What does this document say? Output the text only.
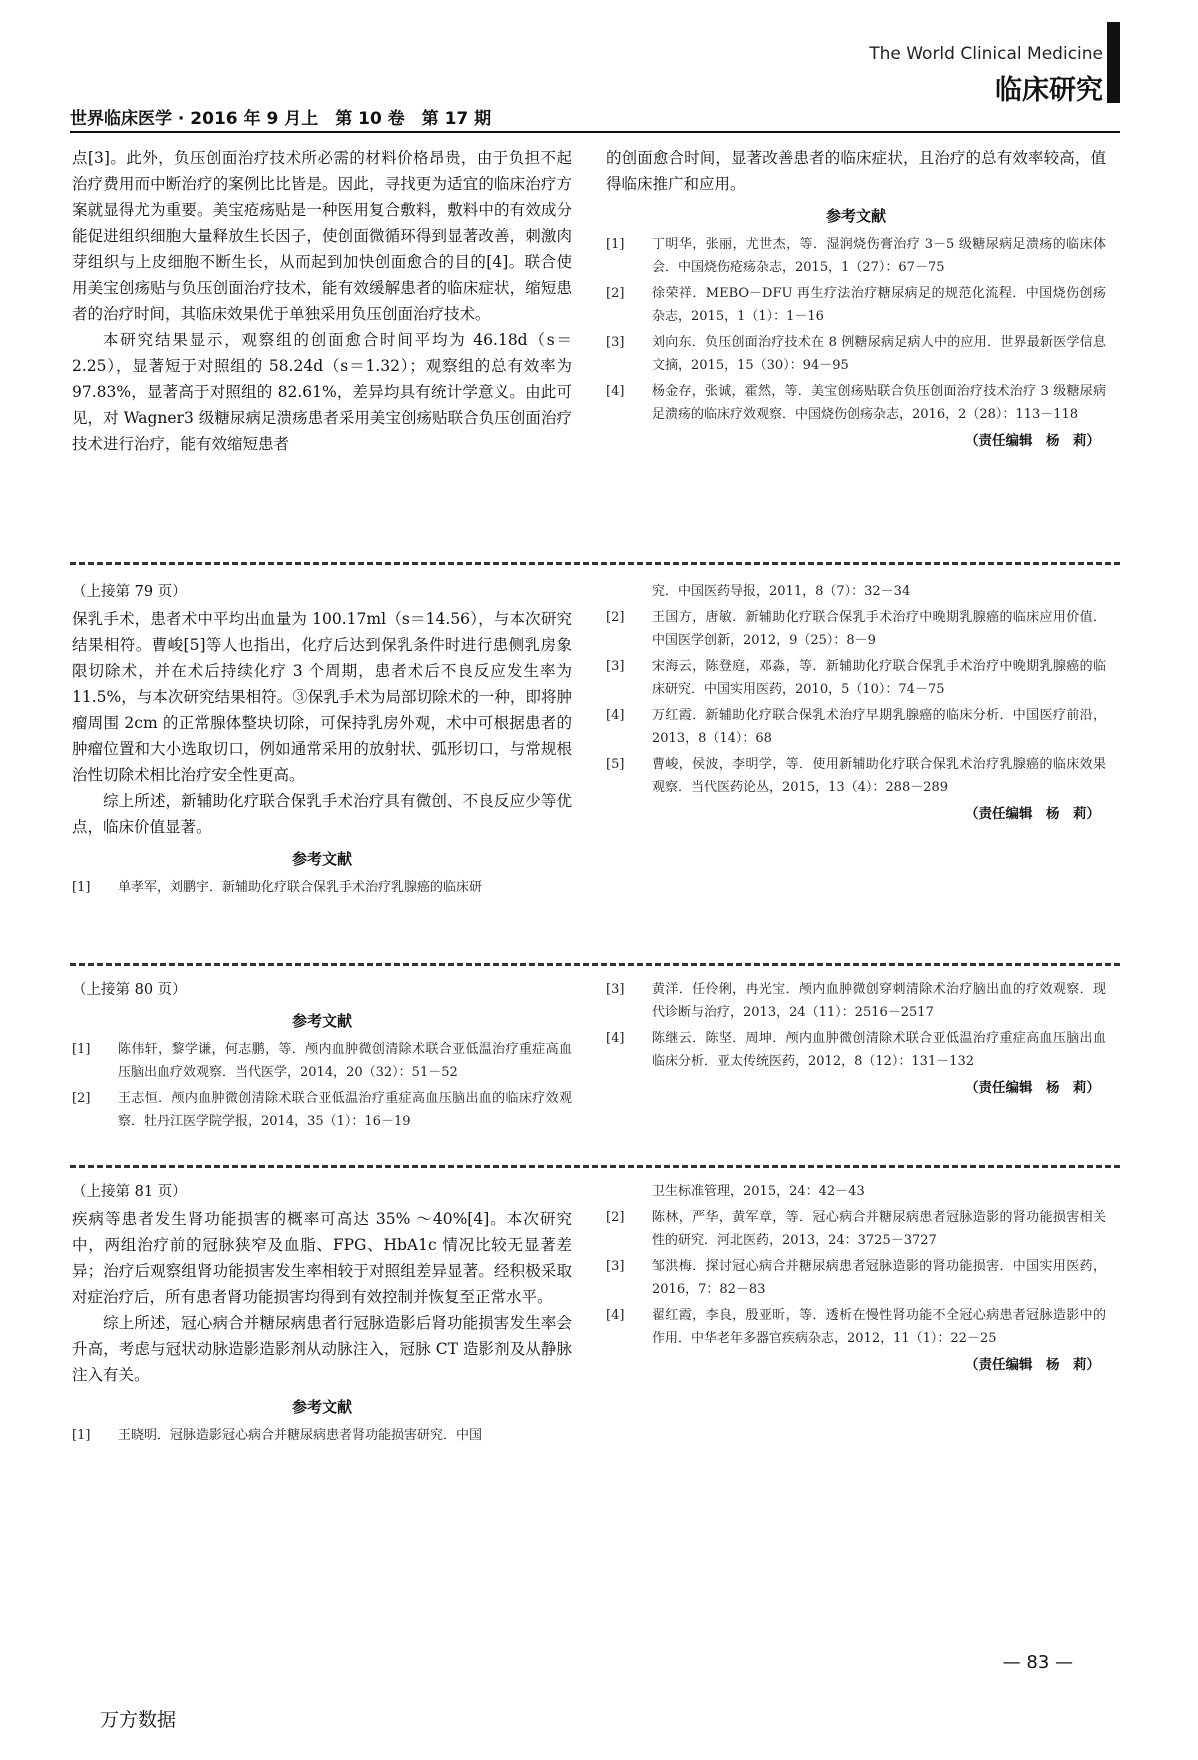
The World Clinical Medicine
临床研究
世界临床医学 · 2016 年 9 月上　第 10 卷　第 17 期

点[3]。此外，负压创面治疗技术所必需的材料价格昂贵，由于负担不起治疗费用而中断治疗的案例比比皆是。因此，寻找更为适宜的临床治疗方案就显得尤为重要。美宝疮疡贴是一种医用复合敷料，敷料中的有效成分能促进组织细胞大量释放生长因子，使创面微循环得到显著改善，刺激肉芽组织与上皮细胞不断生长，从而起到加快创面愈合的目的[4]。联合使用美宝创疡贴与负压创面治疗技术，能有效缓解患者的临床症状，缩短患者的治疗时间，其临床效果优于单独采用负压创面治疗技术。

本研究结果显示，观察组的创面愈合时间平均为 46.18d（s＝2.25），显著短于对照组的 58.24d（s＝1.32）；观察组的总有效率为 97.83%，显著高于对照组的 82.61%，差异均具有统计学意义。由此可见，对 Wagner3 级糖尿病足溃疡患者采用美宝创疡贴联合负压创面治疗技术进行治疗，能有效缩短患者

的创面愈合时间，显著改善患者的临床症状，且治疗的总有效率较高，值得临床推广和应用。

参考文献
[1]	丁明华，张丽，尤世杰，等．湿润烧伤膏治疗 3－5 级糖尿病足溃疡的临床体会．中国烧伤疮疡杂志，2015，1（27）：67－75
[2]	徐荣祥．MEBO－DFU 再生疗法治疗糖尿病足的规范化流程．中国烧伤创疡杂志，2015，1（1）：1－16
[3]	刘向东．负压创面治疗技术在 8 例糖尿病足病人中的应用．世界最新医学信息文摘，2015，15（30）：94－95
[4]	杨金存，张诚，霍然，等．美宝创疡贴联合负压创面治疗技术治疗 3 级糖尿病足溃疡的临床疗效观察．中国烧伤创疡杂志，2016，2（28）：113－118
（责任编辑　杨　莉）
（上接第 79 页）

保乳手术，患者术中平均出血量为 100.17ml（s＝14.56），与本次研究结果相符。曹峻[5]等人也指出，化疗后达到保乳条件时进行患侧乳房象限切除术，并在术后持续化疗 3 个周期，患者术后不良反应发生率为 11.5%，与本次研究结果相符。③保乳手术为局部切除术的一种，即将肿瘤周围 2cm 的正常腺体整块切除，可保持乳房外观，术中可根据患者的肿瘤位置和大小选取切口，例如通常采用的放射状、弧形切口，与常规根治性切除术相比治疗安全性更高。

综上所述，新辅助化疗联合保乳手术治疗具有微创、不良反应少等优点，临床价值显著。

参考文献
[1]	单孝军，刘鹏宇．新辅助化疗联合保乳手术治疗乳腺癌的临床研
究．中国医药导报，2011，8（7）：32－34
[2]	王国方，唐敏．新辅助化疗联合保乳手术治疗中晚期乳腺癌的临床应用价值．中国医学创新，2012，9（25）：8－9
[3]	宋海云，陈登庭，邓淼，等．新辅助化疗联合保乳手术治疗中晚期乳腺癌的临床研究．中国实用医药，2010，5（10）：74－75
[4]	万红霞．新辅助化疗联合保乳术治疗早期乳腺癌的临床分析．中国医疗前沿，2013，8（14）：68
[5]	曹峻，侯波，李明学，等．使用新辅助化疗联合保乳术治疗乳腺癌的临床效果观察．当代医药论丛，2015，13（4）：288－289
（责任编辑　杨　莉）
（上接第 80 页）
参考文献
[1]	陈伟轩，黎学谦，何志鹏，等．颅内血肿微创清除术联合亚低温治疗重症高血压脑出血疗效观察．当代医学，2014，20（32）：51－52
[2]	王志恒．颅内血肿微创清除术联合亚低温治疗重症高血压脑出血的临床疗效观察．牡丹江医学院学报，2014，35（1）：16－19
[3]	黄洋．任伶俐，冉光宝．颅内血肿微创穿刺清除术治疗脑出血的疗效观察．现代诊断与治疗，2013，24（11）：2516－2517
[4]	陈继云．陈坚．周坤．颅内血肿微创清除术联合亚低温治疗重症高血压脑出血临床分析．亚太传统医药，2012，8（12）：131－132
（责任编辑　杨　莉）
（上接第 81 页）

疾病等患者发生肾功能损害的概率可高达 35% ～40%[4]。本次研究中，两组治疗前的冠脉狭窄及血脂、FPG、HbA1c 情况比较无显著差异；治疗后观察组肾功能损害发生率相较于对照组差异显著。经积极采取对症治疗后，所有患者肾功能损害均得到有效控制并恢复至正常水平。

综上所述，冠心病合并糖尿病患者行冠脉造影后肾功能损害发生率会升高，考虑与冠状动脉造影造影剂从动脉注入，冠脉 CT 造影剂及从静脉注入有关。

参考文献
[1]	王晓明．冠脉造影冠心病合并糖尿病患者肾功能损害研究．中国
卫生标准管理，2015，24：42－43
[2]	陈林，严华，黄军章，等．冠心病合并糖尿病患者冠脉造影的肾功能损害相关性的研究．河北医药，2013，24：3725－3727
[3]	邹洪梅．探讨冠心病合并糖尿病患者冠脉造影的肾功能损害．中国实用医药，2016，7：82－83
[4]	翟红霞，李良，殷亚昕，等．透析在慢性肾功能不全冠心病患者冠脉造影中的作用．中华老年多器官疾病杂志，2012，11（1）：22－25
（责任编辑　杨　莉）
— 83 —
万方数据
